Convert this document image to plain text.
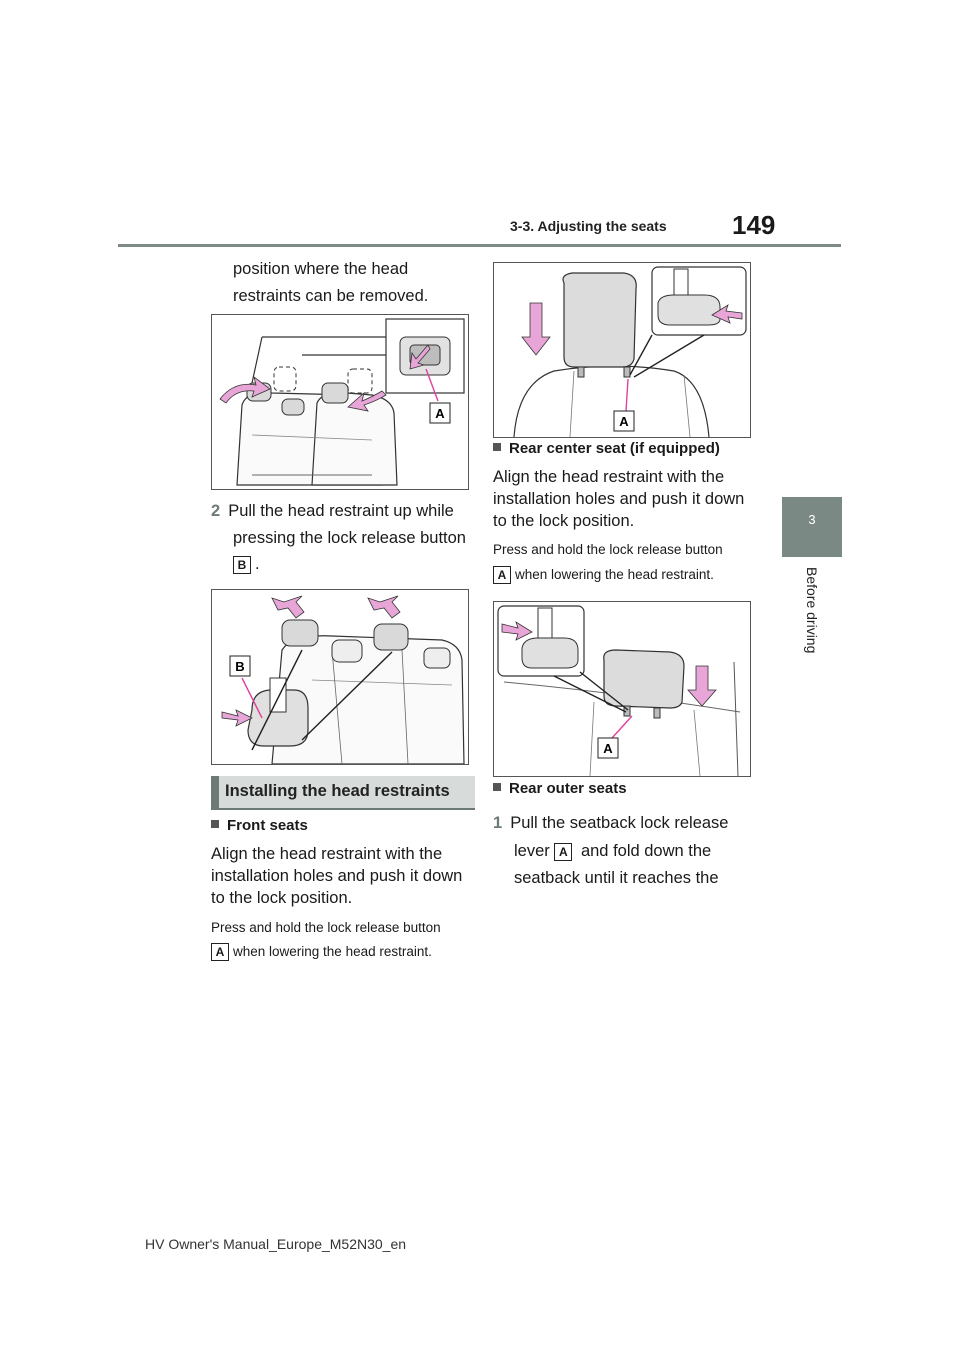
3-3. Adjusting the seats	149
3
Before driving
position where the head
restraints can be removed.
A
2 Pull the head restraint up while
pressing the lock release button
B .
B
Installing the head restraints
Front seats
Align the head restraint with the
installation holes and push it down
to the lock position.
Press and hold the lock release button
A when lowering the head restraint.
A
Rear center seat (if equipped)
Align the head restraint with the
installation holes and push it down
to the lock position.
Press and hold the lock release button
A when lowering the head restraint.
A
Rear outer seats
1 Pull the seatback lock release
lever A and fold down the
seatback until it reaches the
HV Owner's Manual_Europe_M52N30_en
